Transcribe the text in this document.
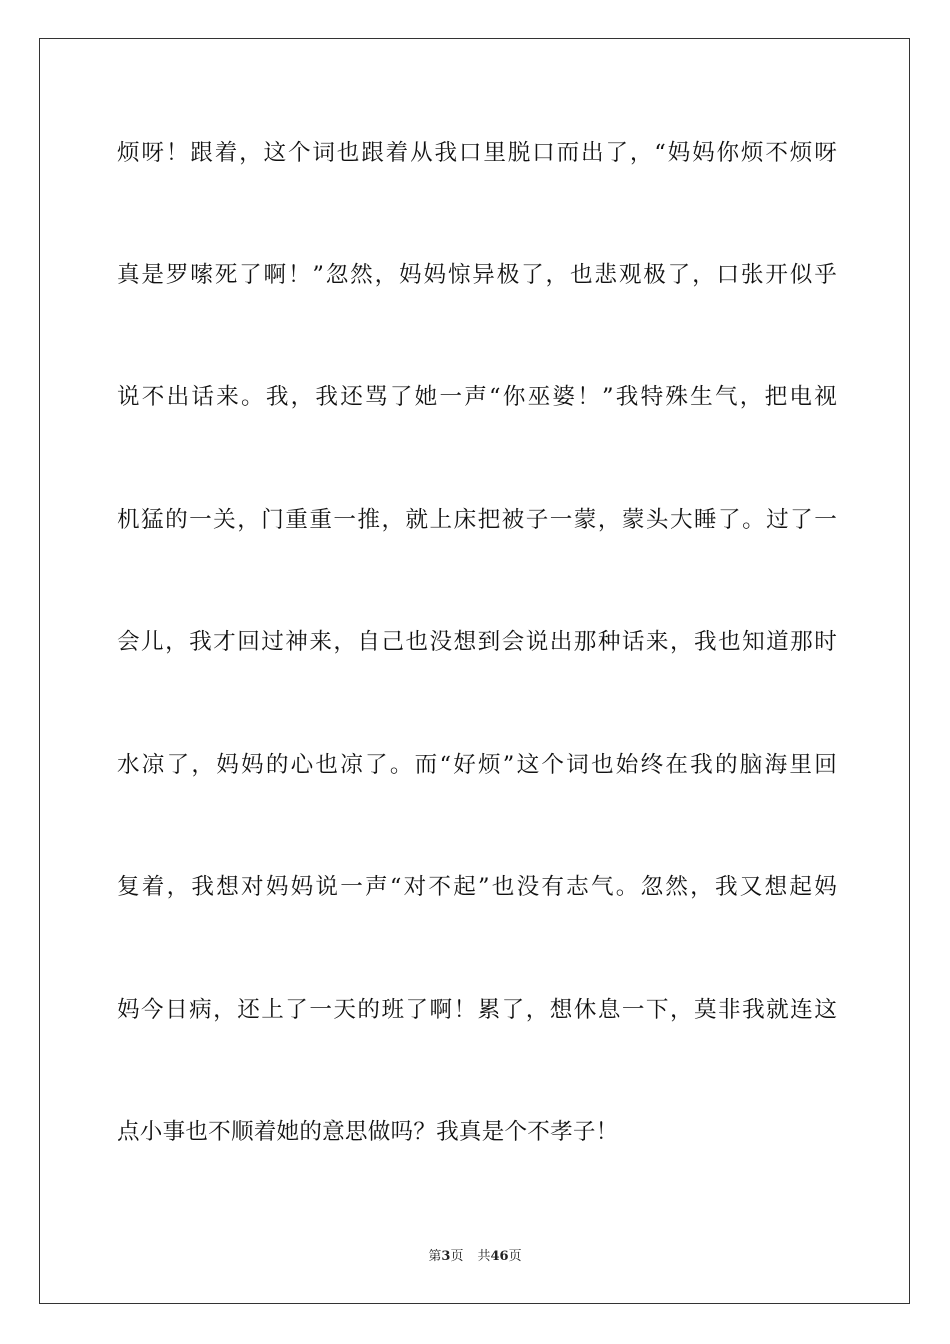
烦呀！跟着，这个词也跟着从我口里脱口而出了，“妈妈你烦不烦呀
真是罗嗦死了啊！”忽然，妈妈惊异极了，也悲观极了，口张开似乎
说不出话来。我，我还骂了她一声“你巫婆！”我特殊生气，把电视
机猛的一关，门重重一推，就上床把被子一蒙，蒙头大睡了。过了一
会儿，我才回过神来，自己也没想到会说出那种话来，我也知道那时
水凉了，妈妈的心也凉了。而“好烦”这个词也始终在我的脑海里回
复着，我想对妈妈说一声“对不起”也没有志气。忽然，我又想起妈
妈今日病，还上了一天的班了啊！累了，想休息一下，莫非我就连这
点小事也不顺着她的意思做吗？我真是个不孝子！
第3页 共46页
